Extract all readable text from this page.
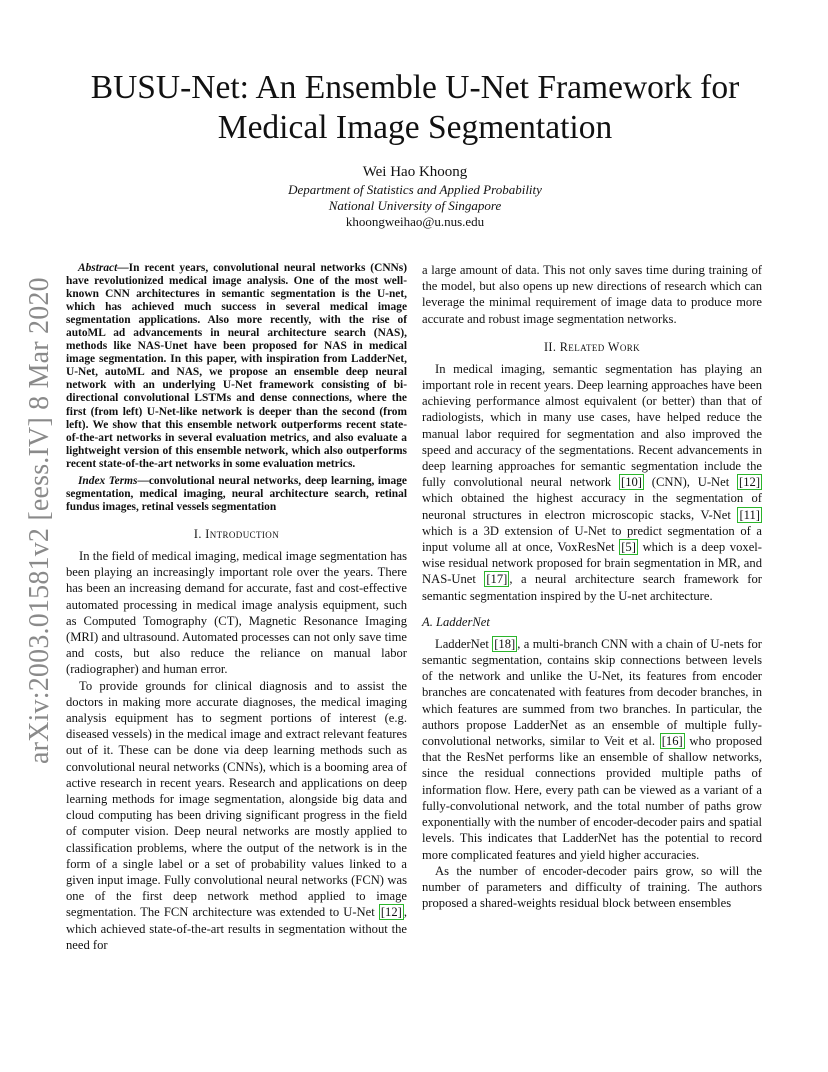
arXiv:2003.01581v2 [eess.IV] 8 Mar 2020
BUSU-Net: An Ensemble U-Net Framework for
Medical Image Segmentation
Wei Hao Khoong
Department of Statistics and Applied Probability
National University of Singapore
khoongweihao@u.nus.edu

Abstract—In recent years, convolutional neural networks (CNNs) have revolutionized medical image analysis. One of the most well-known CNN architectures in semantic segmentation is the U-net, which has achieved much success in several medical image segmentation applications. Also more recently, with the rise of autoML ad advancements in neural architecture search (NAS), methods like NAS-Unet have been proposed for NAS in medical image segmentation. In this paper, with inspiration from LadderNet, U-Net, autoML and NAS, we propose an ensemble deep neural network with an underlying U-Net framework consisting of bi-directional convolutional LSTMs and dense connections, where the first (from left) U-Net-like network is deeper than the second (from left). We show that this ensemble network outperforms recent state-of-the-art networks in several evaluation metrics, and also evaluate a lightweight version of this ensemble network, which also outperforms recent state-of-the-art networks in some evaluation metrics.

Index Terms—convolutional neural networks, deep learning, image segmentation, medical imaging, neural architecture search, retinal fundus images, retinal vessels segmentation

I. Introduction

In the field of medical imaging, medical image segmentation has been playing an increasingly important role over the years. There has been an increasing demand for accurate, fast and cost-effective automated processing in medical image analysis equipment, such as Computed Tomography (CT), Magnetic Resonance Imaging (MRI) and ultrasound. Automated processes can not only save time and costs, but also reduce the reliance on manual labor (radiographer) and human error.

To provide grounds for clinical diagnosis and to assist the doctors in making more accurate diagnoses, the medical imaging analysis equipment has to segment portions of interest (e.g. diseased vessels) in the medical image and extract relevant features out of it. These can be done via deep learning methods such as convolutional neural networks (CNNs), which is a booming area of active research in recent years. Research and applications on deep learning methods for image segmentation, alongside big data and cloud computing has been driving significant progress in the field of computer vision. Deep neural networks are mostly applied to classification problems, where the output of the network is in the form of a single label or a set of probability values linked to a given input image. Fully convolutional neural networks (FCN) was one of the first deep network method applied to image segmentation. The FCN architecture was extended to U-Net [12] , which achieved state-of-the-art results in segmentation without the need for

a large amount of data. This not only saves time during training of the model, but also opens up new directions of research which can leverage the minimal requirement of image data to produce more accurate and robust image segmentation networks.

II. Related Work

In medical imaging, semantic segmentation has playing an important role in recent years. Deep learning approaches have been achieving performance almost equivalent (or better) than that of radiologists, which in many use cases, have helped reduce the manual labor required for segmentation and also improved the speed and accuracy of the segmentations. Recent advancements in deep learning approaches for semantic segmentation include the fully convolutional neural network [10] (CNN), U-Net [12] which obtained the highest accuracy in the segmentation of neuronal structures in electron microscopic stacks, V-Net [11] which is a 3D extension of U-Net to predict segmentation of a input volume all at once, VoxResNet [5] which is a deep voxel-wise residual network proposed for brain segmentation in MR, and NAS-Unet [17] , a neural architecture search framework for semantic segmentation inspired by the U-net architecture.

A. LadderNet

LadderNet [18] , a multi-branch CNN with a chain of U-nets for semantic segmentation, contains skip connections between levels of the network and unlike the U-Net, its features from encoder branches are concatenated with features from decoder branches, in which features are summed from two branches. In particular, the authors propose LadderNet as an ensemble of multiple fully-convolutional networks, similar to Veit et al. [16] who proposed that the ResNet performs like an ensemble of shallow networks, since the residual connections provided multiple paths of information flow. Here, every path can be viewed as a variant of a fully-convolutional network, and the total number of paths grow exponentially with the number of encoder-decoder pairs and spatial levels. This indicates that LadderNet has the potential to record more complicated features and yield higher accuracies.

As the number of encoder-decoder pairs grow, so will the number of parameters and difficulty of training. The authors proposed a shared-weights residual block between ensembles
